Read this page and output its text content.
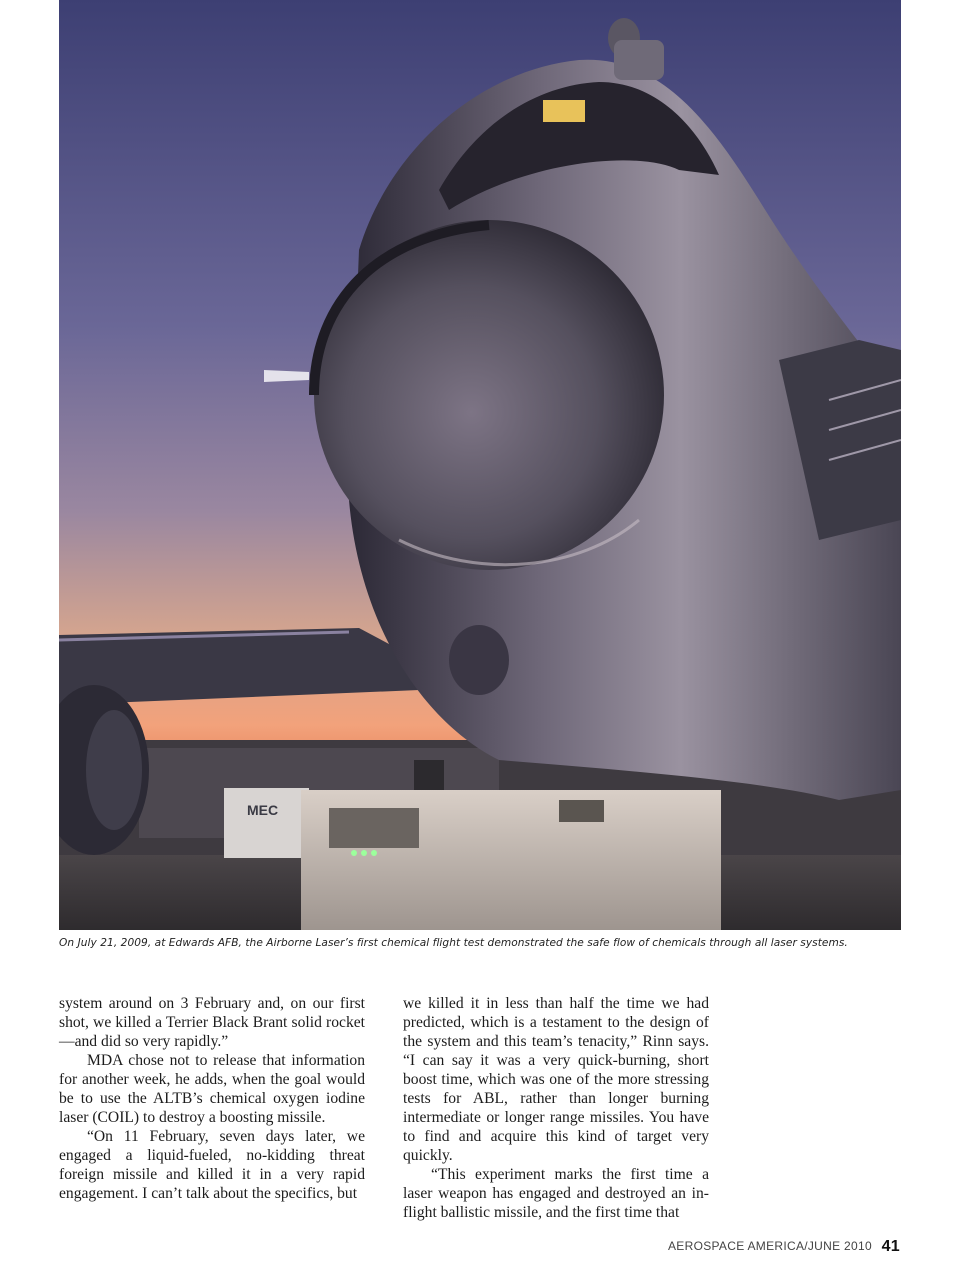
MEC
On July 21, 2009, at Edwards AFB, the Airborne Laser’s first chemical flight test demonstrated the safe flow of chemicals through all laser systems.

system around on 3 February and, on our first shot, we killed a Terrier Black Brant solid rocket—and did so very rapidly.”

MDA chose not to release that information for another week, he adds, when the goal would be to use the ALTB’s chemical oxygen iodine laser (COIL) to destroy a boosting missile.

“On 11 February, seven days later, we engaged a liquid-fueled, no-kidding threat foreign missile and killed it in a very rapid engagement. I can’t talk about the specifics, but

we killed it in less than half the time we had predicted, which is a testament to the design of the system and this team’s tenacity,” Rinn says. “I can say it was a very quick-burning, short boost time, which was one of the more stressing tests for ABL, rather than longer burning intermediate or longer range missiles. You have to find and acquire this kind of target very quickly.

“This experiment marks the first time a laser weapon has engaged and destroyed an in-flight ballistic missile, and the first time that

AEROSPACE AMERICA/JUNE 2010 41
